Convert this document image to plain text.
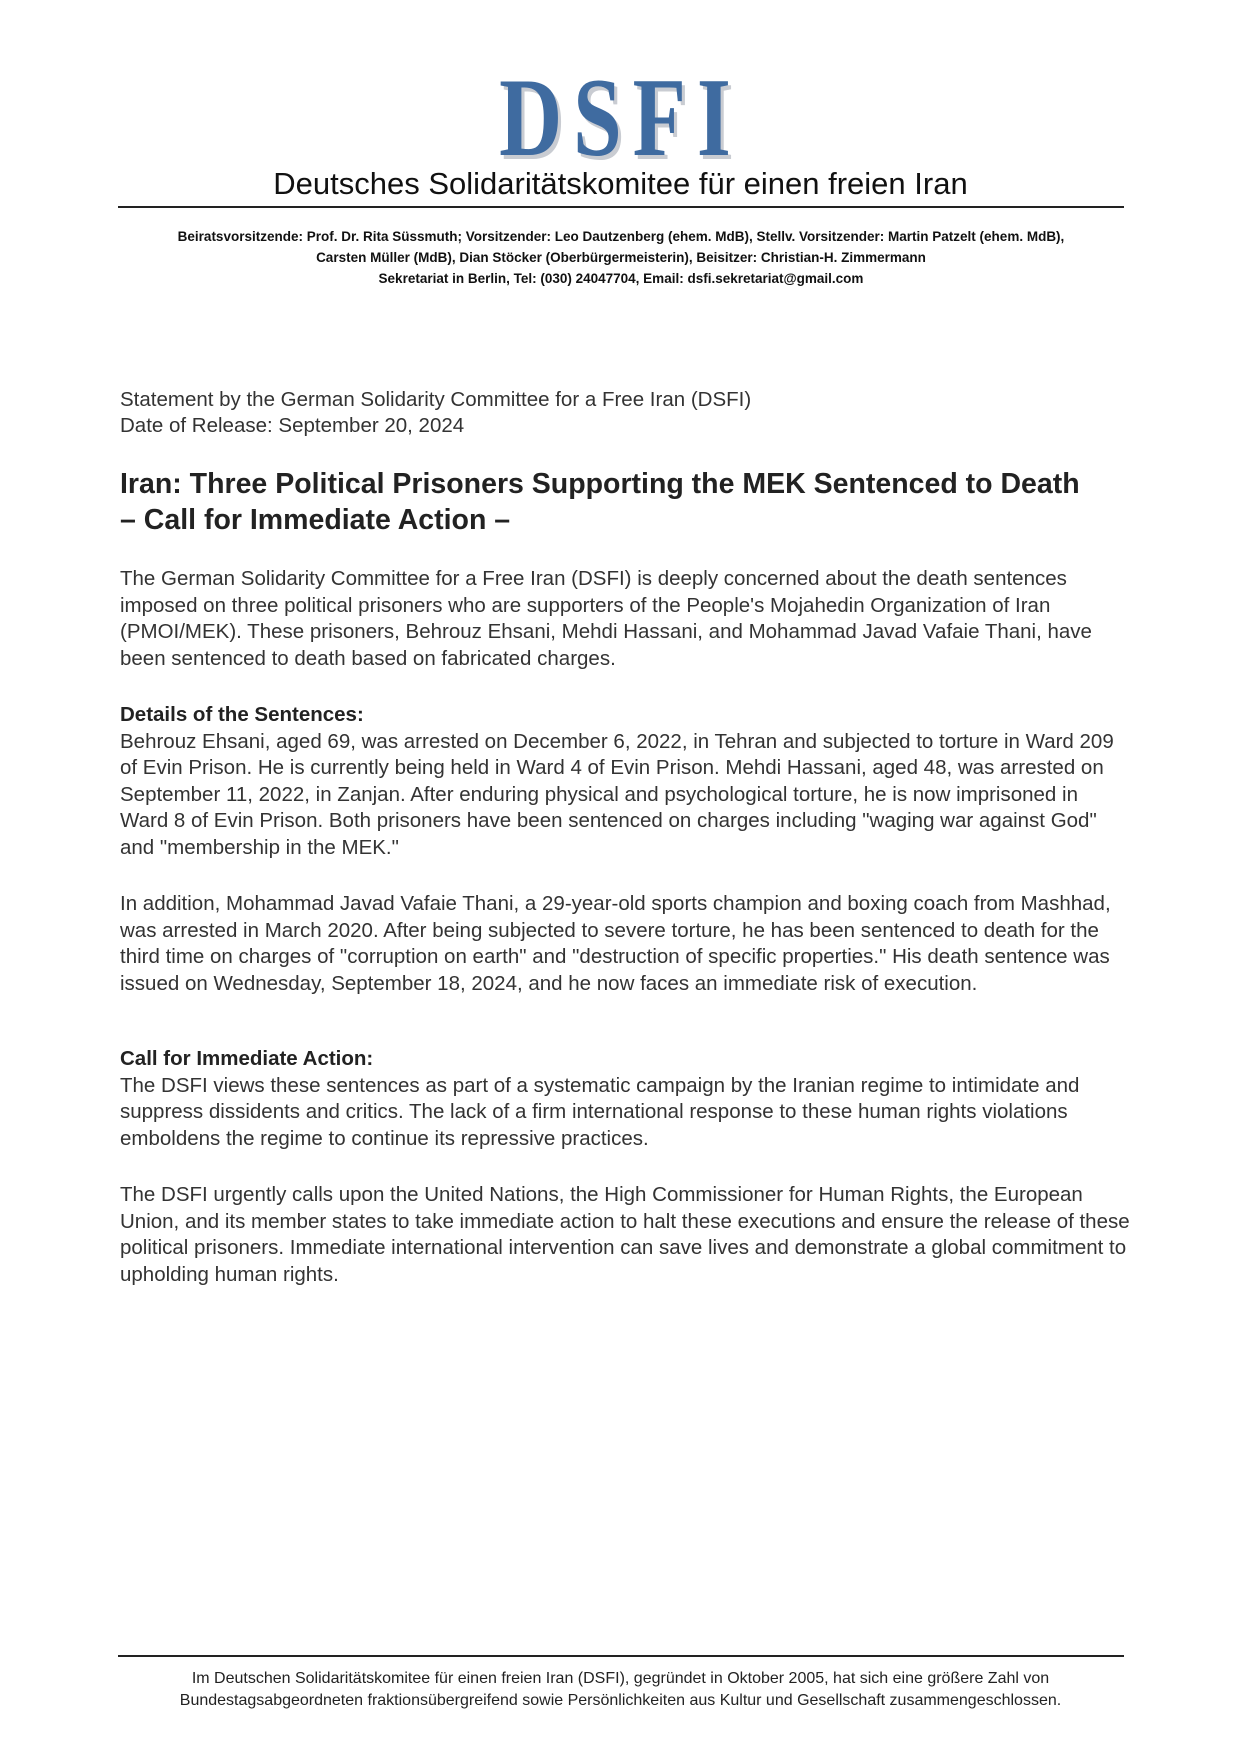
DSFI
Deutsches Solidaritätskomitee für einen freien Iran
Beiratsvorsitzende: Prof. Dr. Rita Süssmuth; Vorsitzender: Leo Dautzenberg (ehem. MdB), Stellv. Vorsitzender: Martin Patzelt (ehem. MdB),
Carsten Müller (MdB), Dian Stöcker (Oberbürgermeisterin), Beisitzer: Christian-H. Zimmermann
Sekretariat in Berlin, Tel: (030) 24047704, Email: dsfi.sekretariat@gmail.com
Statement by the German Solidarity Committee for a Free Iran (DSFI)
Date of Release: September 20, 2024
Iran: Three Political Prisoners Supporting the MEK Sentenced to Death
– Call for Immediate Action –

The German Solidarity Committee for a Free Iran (DSFI) is deeply concerned about the death sentences imposed on three political prisoners who are supporters of the People's Mojahedin Organization of Iran (PMOI/MEK). These prisoners, Behrouz Ehsani, Mehdi Hassani, and Mohammad Javad Vafaie Thani, have been sentenced to death based on fabricated charges.

Details of the Sentences:

Behrouz Ehsani, aged 69, was arrested on December 6, 2022, in Tehran and subjected to torture in Ward 209 of Evin Prison. He is currently being held in Ward 4 of Evin Prison. Mehdi Hassani, aged 48, was arrested on September 11, 2022, in Zanjan. After enduring physical and psychological torture, he is now imprisoned in Ward 8 of Evin Prison. Both prisoners have been sentenced on charges including "waging war against God" and "membership in the MEK."

In addition, Mohammad Javad Vafaie Thani, a 29-year-old sports champion and boxing coach from Mashhad, was arrested in March 2020. After being subjected to severe torture, he has been sentenced to death for the third time on charges of "corruption on earth" and "destruction of specific properties." His death sentence was issued on Wednesday, September 18, 2024, and he now faces an immediate risk of execution.

Call for Immediate Action:

The DSFI views these sentences as part of a systematic campaign by the Iranian regime to intimidate and suppress dissidents and critics. The lack of a firm international response to these human rights violations emboldens the regime to continue its repressive practices.

The DSFI urgently calls upon the United Nations, the High Commissioner for Human Rights, the European Union, and its member states to take immediate action to halt these executions and ensure the release of these political prisoners. Immediate international intervention can save lives and demonstrate a global commitment to upholding human rights.

Im Deutschen Solidaritätskomitee für einen freien Iran (DSFI), gegründet in Oktober 2005, hat sich eine größere Zahl von
Bundestagsabgeordneten fraktionsübergreifend sowie Persönlichkeiten aus Kultur und Gesellschaft zusammengeschlossen.
